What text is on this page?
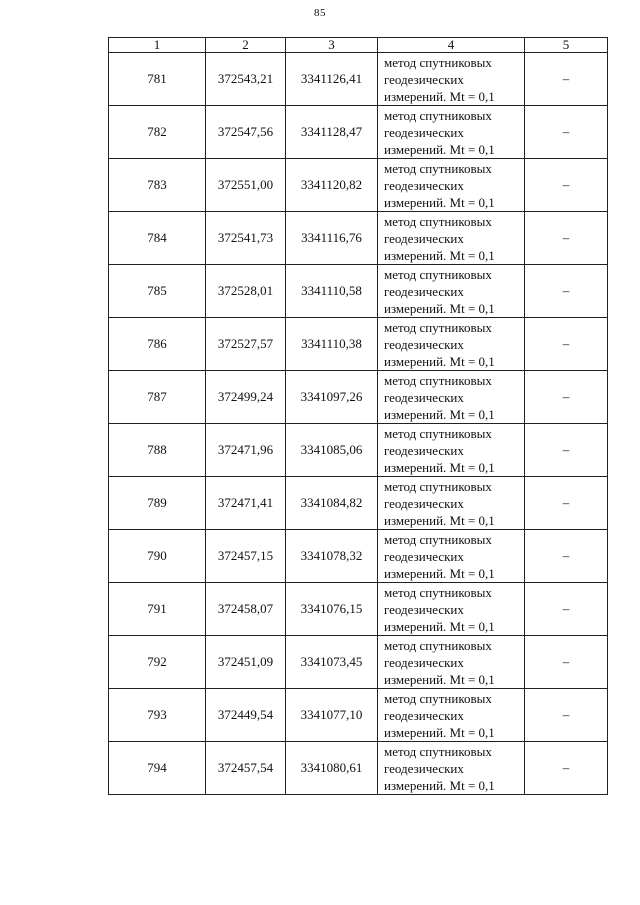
85
1	2	3	4	5
781	372543,21	3341126,41	метод спутниковых
геодезических
измерений. Mt = 0,1	–
782	372547,56	3341128,47	метод спутниковых
геодезических
измерений. Mt = 0,1	–
783	372551,00	3341120,82	метод спутниковых
геодезических
измерений. Mt = 0,1	–
784	372541,73	3341116,76	метод спутниковых
геодезических
измерений. Mt = 0,1	–
785	372528,01	3341110,58	метод спутниковых
геодезических
измерений. Mt = 0,1	–
786	372527,57	3341110,38	метод спутниковых
геодезических
измерений. Mt = 0,1	–
787	372499,24	3341097,26	метод спутниковых
геодезических
измерений. Mt = 0,1	–
788	372471,96	3341085,06	метод спутниковых
геодезических
измерений. Mt = 0,1	–
789	372471,41	3341084,82	метод спутниковых
геодезических
измерений. Mt = 0,1	–
790	372457,15	3341078,32	метод спутниковых
геодезических
измерений. Mt = 0,1	–
791	372458,07	3341076,15	метод спутниковых
геодезических
измерений. Mt = 0,1	–
792	372451,09	3341073,45	метод спутниковых
геодезических
измерений. Mt = 0,1	–
793	372449,54	3341077,10	метод спутниковых
геодезических
измерений. Mt = 0,1	–
794	372457,54	3341080,61	метод спутниковых
геодезических
измерений. Mt = 0,1	–
